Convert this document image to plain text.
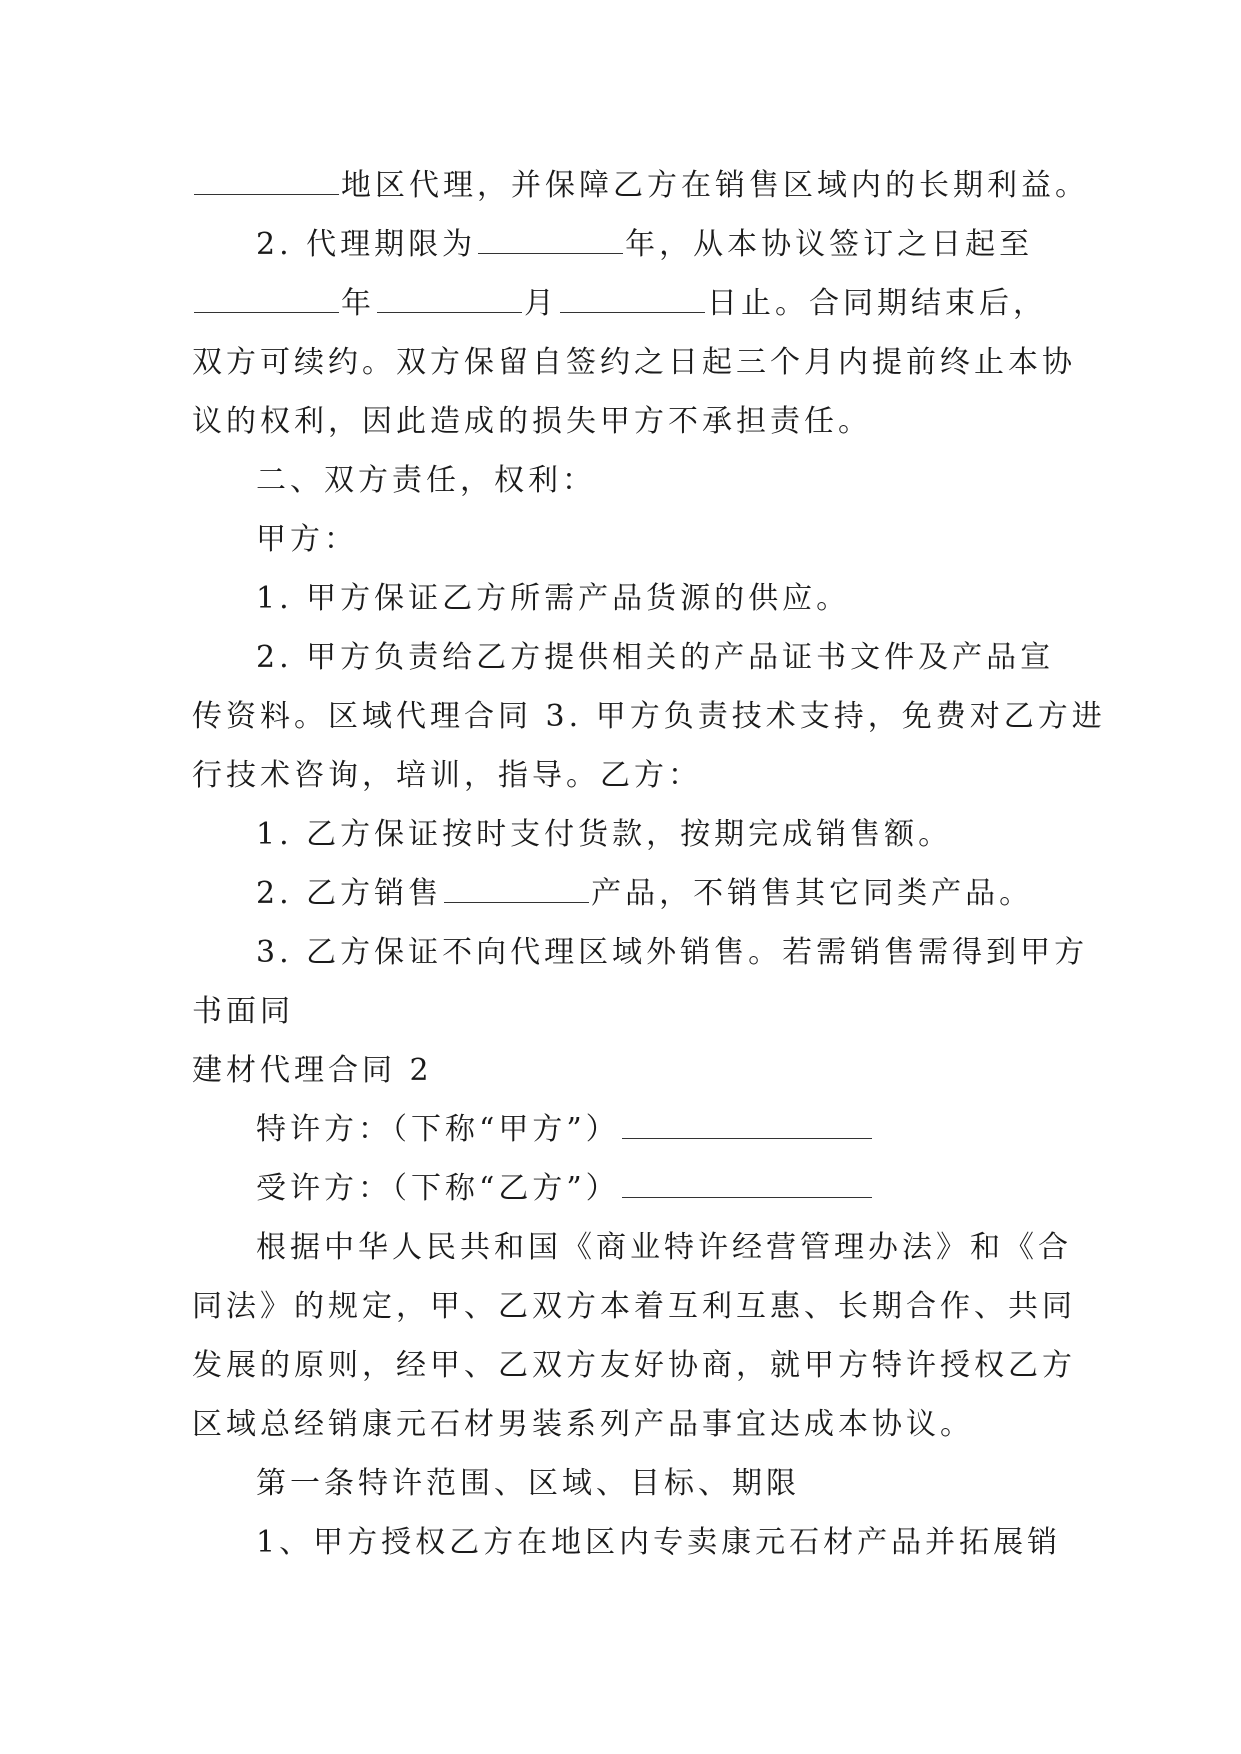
地区代理，并保障乙方在销售区域内的长期利益。

2. 代理期限为	年，从本协议签订之日起至

年	月	日止。合同期结束后，

双方可续约。双方保留自签约之日起三个月内提前终止本协

议的权利，因此造成的损失甲方不承担责任。

二、双方责任，权利：

甲方：

1. 甲方保证乙方所需产品货源的供应。

2. 甲方负责给乙方提供相关的产品证书文件及产品宣

传资料。区域代理合同 3. 甲方负责技术支持，免费对乙方进

行技术咨询，培训，指导。乙方：

1. 乙方保证按时支付货款，按期完成销售额。

2. 乙方销售	产品，不销售其它同类产品。

3. 乙方保证不向代理区域外销售。若需销售需得到甲方

书面同

建材代理合同 2

特许方：（下称“甲方”）

受许方：（下称“乙方”）

根据中华人民共和国《商业特许经营管理办法》和《合

同法》的规定，甲、乙双方本着互利互惠、长期合作、共同

发展的原则，经甲、乙双方友好协商，就甲方特许授权乙方

区域总经销康元石材男装系列产品事宜达成本协议。

第一条特许范围、区域、目标、期限

1、甲方授权乙方在地区内专卖康元石材产品并拓展销
